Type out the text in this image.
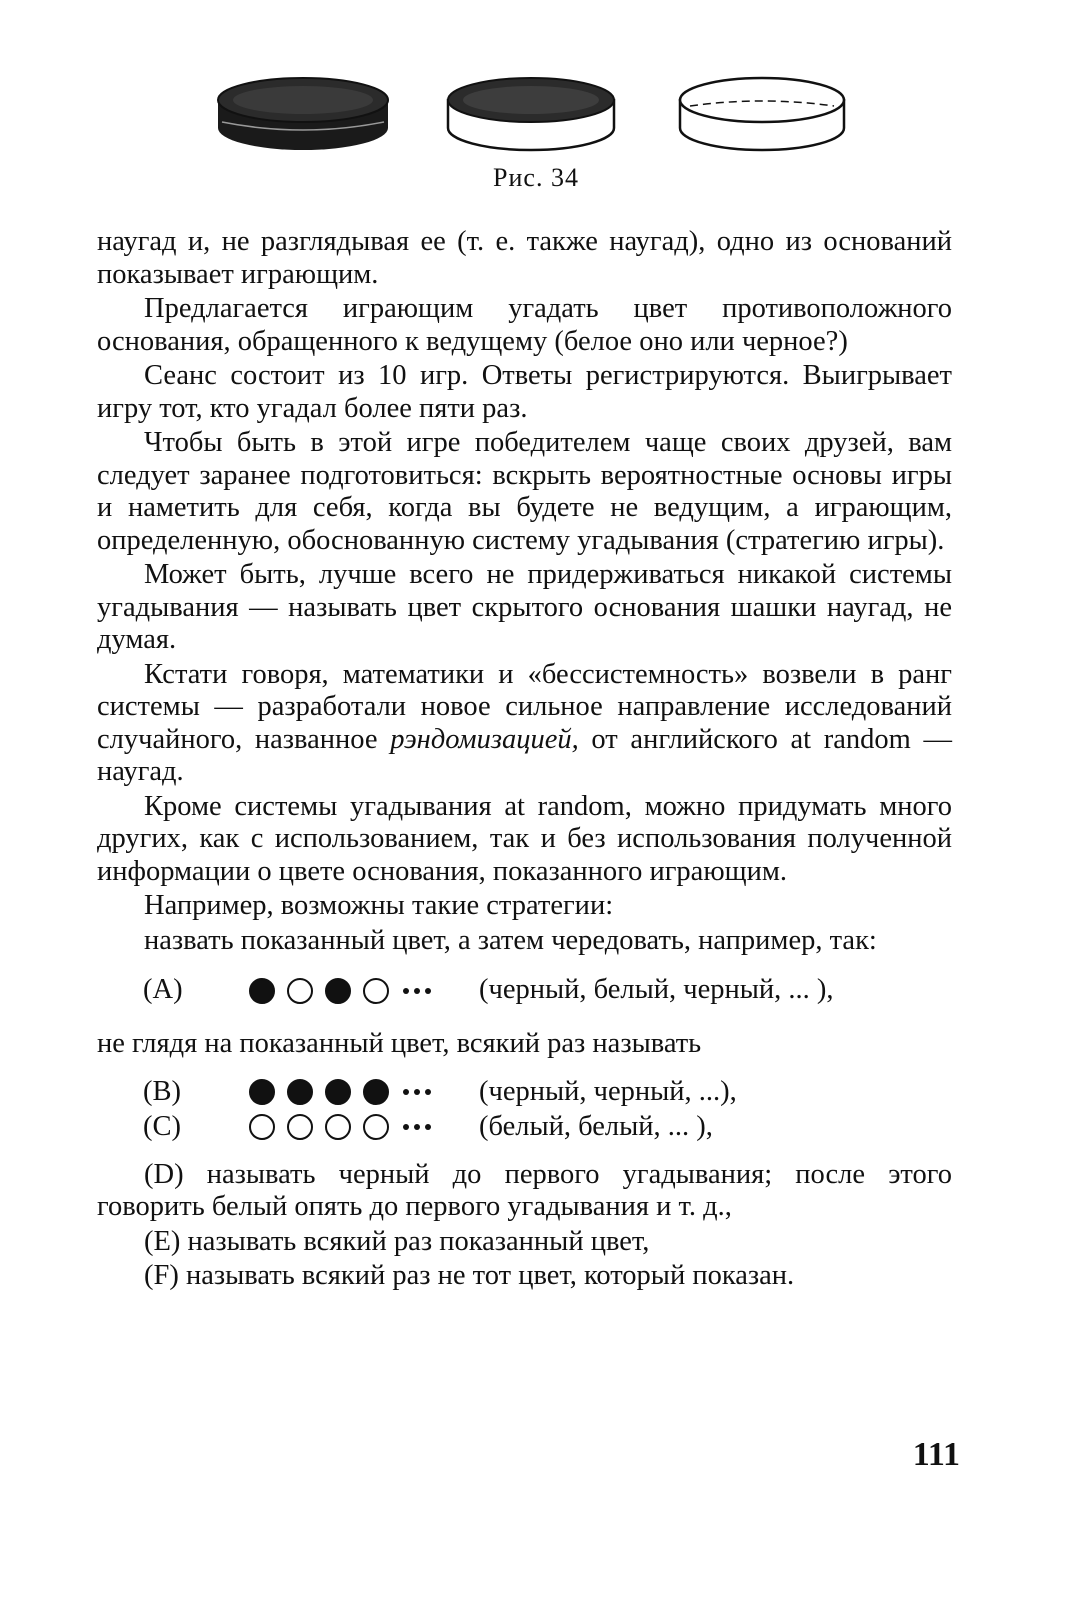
Рис. 34

наугад и, не разглядывая ее (т. е. также наугад), одно из оснований показывает играющим.

Предлагается играющим угадать цвет противоположного основания, обращенного к ведущему (белое оно или черное?)

Сеанс состоит из 10 игр. Ответы регистрируются. Выигрывает игру тот, кто угадал более пяти раз.

Чтобы быть в этой игре победителем чаще своих друзей, вам следует заранее подготовиться: вскрыть вероятностные основы игры и наметить для себя, когда вы будете не ведущим, а играющим, определенную, обоснованную систему угадывания (стратегию игры).

Может быть, лучше всего не придерживаться никакой системы угадывания — называть цвет скрытого основания шашки наугад, не думая.

Кстати говоря, математики и «бессистемность» возвели в ранг системы — разработали новое сильное направление исследований случайного, названное рэндомизацией, от английского at random — наугад.

Кроме системы угадывания at random, можно придумать много других, как с использованием, так и без использования полученной информации о цвете основания, показанного играющим.

Например, возможны такие стратегии:

назвать показанный цвет, а затем чередовать, например, так:

(A)	(черный, белый, черный, ... ),

не глядя на показанный цвет, всякий раз называть

(B)	(черный, черный, ...),
(C)	(белый, белый, ... ),

(D) называть черный до первого угадывания; после этого говорить белый опять до первого угадывания и т. д.,

(E) называть всякий раз показанный цвет,

(F) называть всякий раз не тот цвет, который показан.

111
